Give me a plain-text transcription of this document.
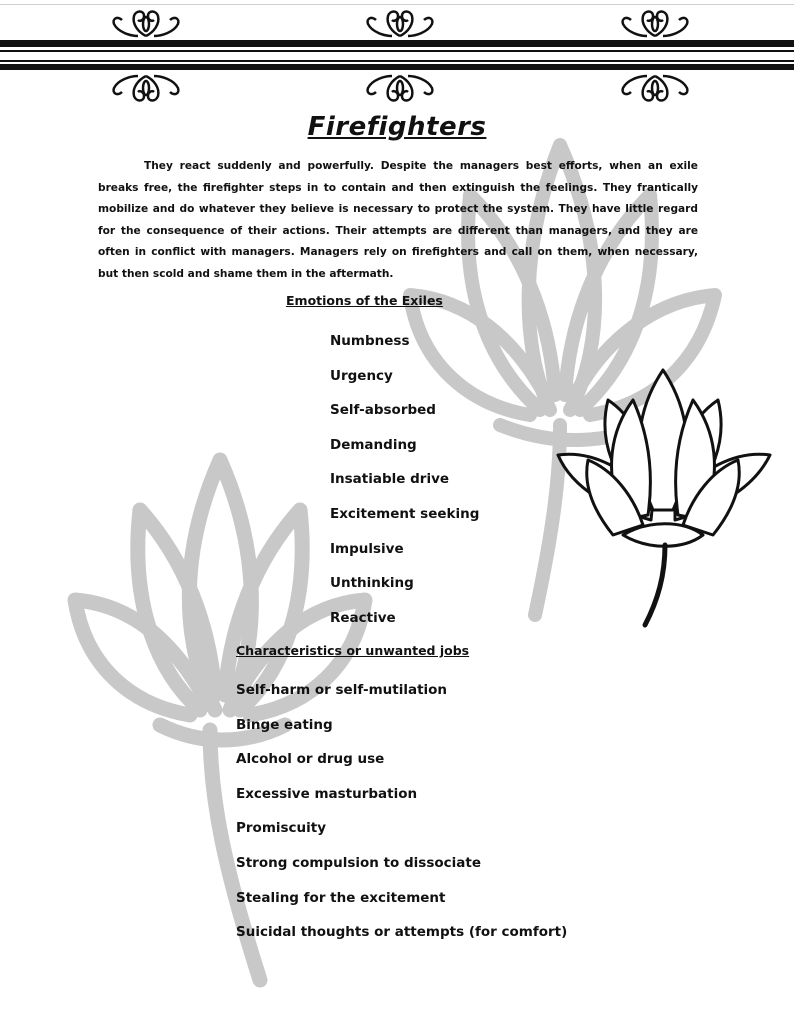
Firefighters

They react suddenly and powerfully. Despite the managers best efforts, when an exile breaks free, the firefighter steps in to contain and then extinguish the feelings. They frantically mobilize and do whatever they believe is necessary to protect the system. They have little regard for the consequence of their actions. Their attempts are different than managers, and they are often in conflict with managers. Managers rely on firefighters and call on them, when necessary, but then scold and shame them in the aftermath.

Emotions of the Exiles
Numbness
Urgency
Self-absorbed
Demanding
Insatiable drive
Excitement seeking
Impulsive
Unthinking
Reactive
Characteristics or unwanted jobs
Self-harm or self-mutilation
Binge eating
Alcohol or drug use
Excessive masturbation
Promiscuity
Strong compulsion to dissociate
Stealing for the excitement
Suicidal thoughts or attempts (for comfort)
